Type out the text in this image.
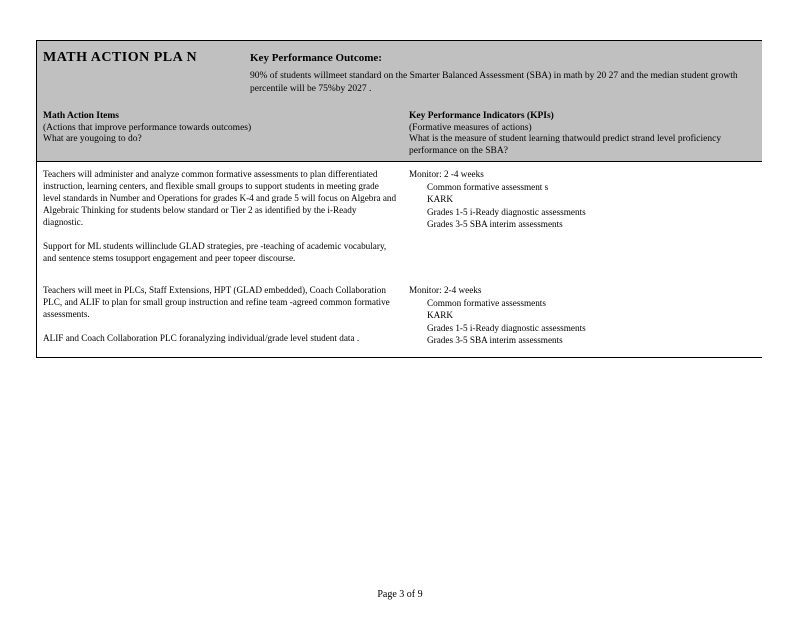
MATH ACTION PLA N	Key Performance Outcome:
90% of students willmeet standard on the Smarter Balanced Assessment (SBA) in math by 20 27 and the median student growth percentile will be 75%by 2027 .
Math Action Items
(Actions that improve performance towards outcomes)
What are yougoing to do?
Key Performance Indicators (KPIs)
(Formative measures of actions)
What is the measure of student learning thatwould predict strand level proficiency performance on the SBA?

Teachers will administer and analyze common formative assessments to plan differentiated instruction, learning centers, and flexible small groups to support students in meeting grade level standards in Number and Operations for grades K-4 and grade 5 will focus on Algebra and Algebraic Thinking for students below standard or Tier 2 as identified by the i-Ready diagnostic.

Support for ML students willinclude GLAD strategies, pre -teaching of academic vocabulary, and sentence stems tosupport engagement and peer topeer discourse.

Teachers will meet in PLCs, Staff Extensions, HPT (GLAD embedded), Coach Collaboration PLC, and ALIF to plan for small group instruction and refine team -agreed common formative assessments.

ALIF and Coach Collaboration PLC foranalyzing individual/grade level student data .

Monitor: 2 -4 weeks
Common formative assessment s
KARK
Grades 1-5 i-Ready diagnostic assessments
Grades 3-5 SBA interim assessments
Monitor: 2-4 weeks
Common formative assessments
KARK
Grades 1-5 i-Ready diagnostic assessments
Grades 3-5 SBA interim assessments
Page 3 of 9
